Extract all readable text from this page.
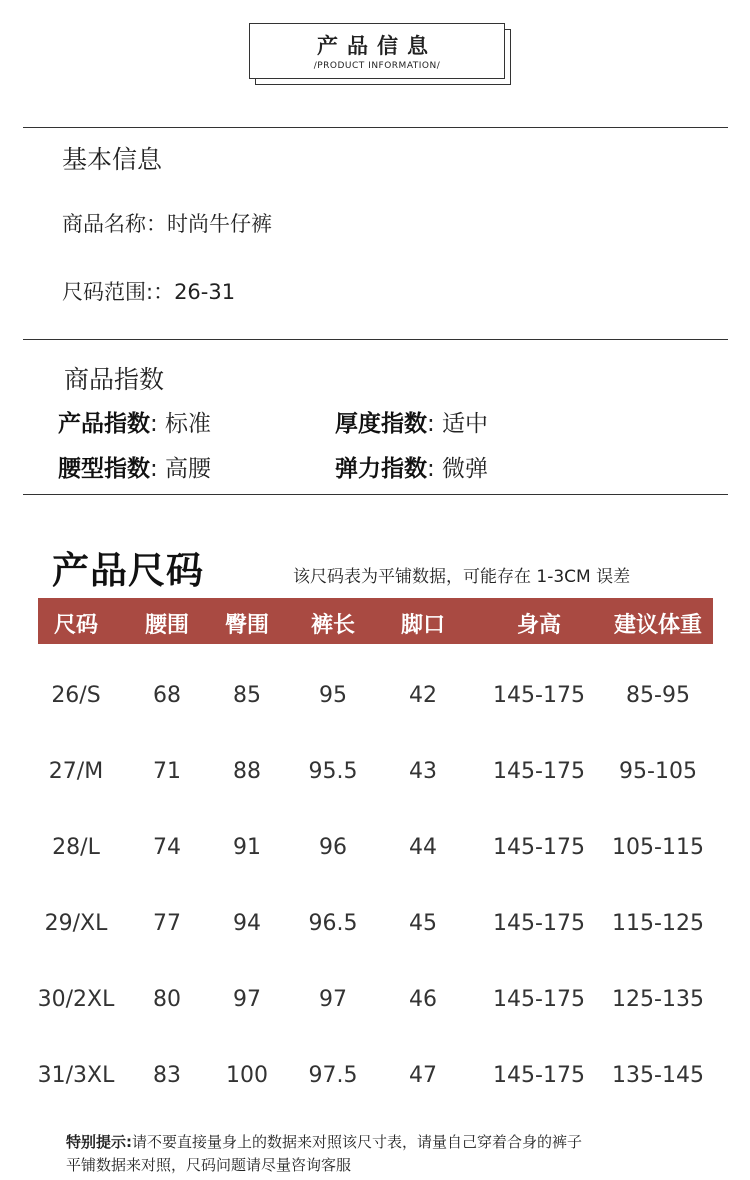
产品信息
/PRODUCT INFORMATION/
基本信息
商品名称：时尚牛仔裤
尺码范围:：26-31
商品指数
产品指数: 标准	厚度指数: 适中
腰型指数: 高腰	弹力指数: 微弹
产品尺码	该尺码表为平铺数据，可能存在 1-3CM 误差
尺码 腰围 臀围 裤长 脚口	身高 建议体重
26/S 68 85	95	42	145-175 85-95
27/M 71 88 95.5 43	145-175 95-105
28/L 74 91	96	44	145-175 105-115
29/XL 77 94 96.5 45	145-175 115-125
30/2XL 80 97	97	46	145-175 125-135
31/3XL 83 100 97.5 47	145-175 135-145
特别提示:请不要直接量身上的数据来对照该尺寸表，请量自己穿着合身的裤子
平铺数据来对照，尺码问题请尽量咨询客服
